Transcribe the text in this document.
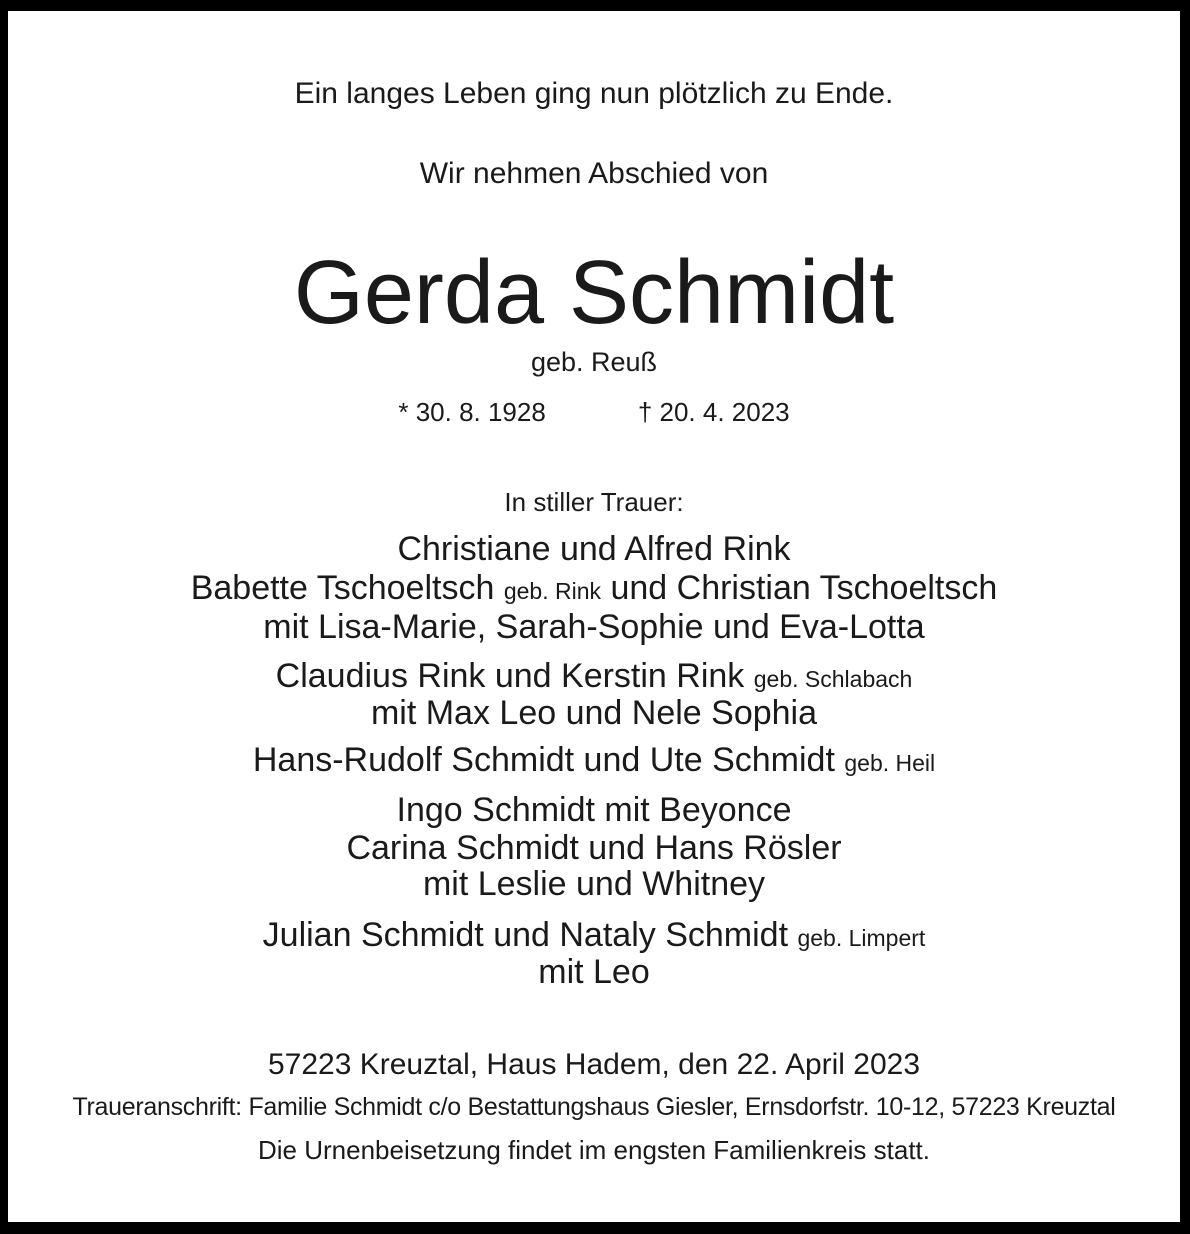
Ein langes Leben ging nun plötzlich zu Ende.
Wir nehmen Abschied von
Gerda Schmidt
geb. Reuß
* 30. 8. 1928	† 20. 4. 2023
In stiller Trauer:
Christiane und Alfred Rink
Babette Tschoeltsch geb. Rink und Christian Tschoeltsch
mit Lisa-Marie, Sarah-Sophie und Eva-Lotta
Claudius Rink und Kerstin Rink geb. Schlabach
mit Max Leo und Nele Sophia
Hans-Rudolf Schmidt und Ute Schmidt geb. Heil
Ingo Schmidt mit Beyonce
Carina Schmidt und Hans Rösler
mit Leslie und Whitney
Julian Schmidt und Nataly Schmidt geb. Limpert
mit Leo
57223 Kreuztal, Haus Hadem, den 22. April 2023
Traueranschrift: Familie Schmidt c/o Bestattungshaus Giesler, Ernsdorfstr. 10-12, 57223 Kreuztal
Die Urnenbeisetzung findet im engsten Familienkreis statt.
